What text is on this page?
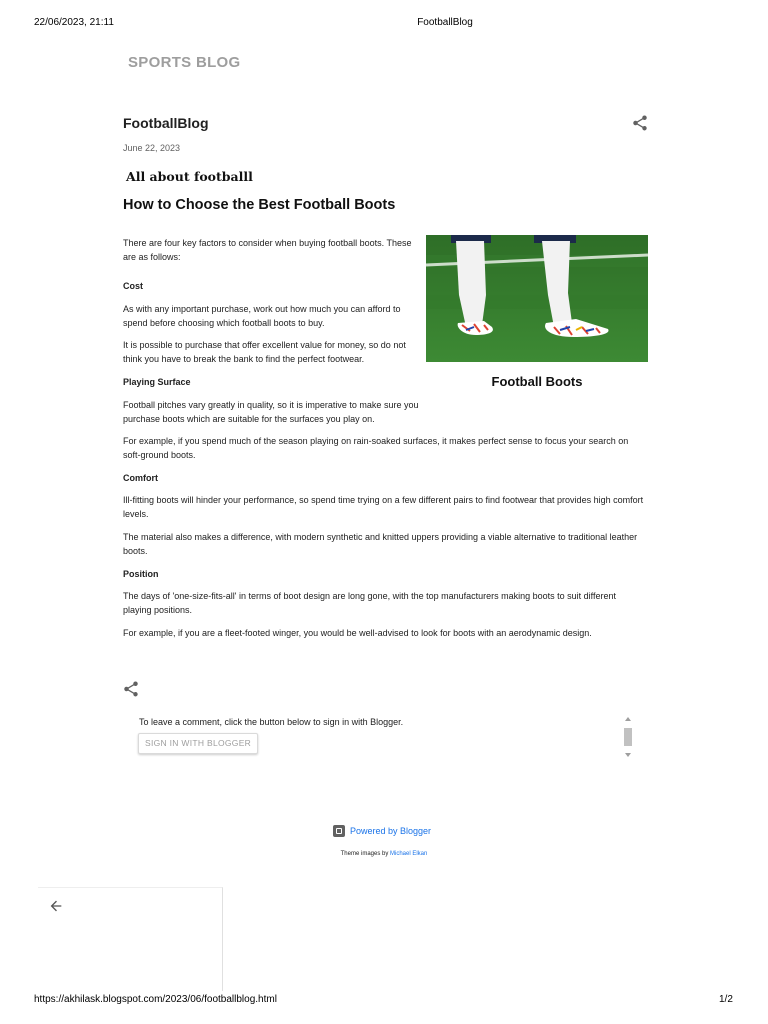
22/06/2023, 21:11	FootballBlog
SPORTS BLOG
FootballBlog
June 22, 2023
All about footballl
How to Choose the Best Football Boots

There are four key factors to consider when buying football boots. These are as follows:

Cost

As with any important purchase, work out how much you can afford to spend before choosing which football boots to buy.

It is possible to purchase that offer excellent value for money, so do not think you have to break the bank to find the perfect footwear.

Playing Surface

Football pitches vary greatly in quality, so it is imperative to make sure you purchase boots which are suitable for the surfaces you play on.

For example, if you spend much of the season playing on rain-soaked surfaces, it makes perfect sense to focus your search on soft-ground boots.

Comfort

Ill-fitting boots will hinder your performance, so spend time trying on a few different pairs to find footwear that provides high comfort levels.

The material also makes a difference, with modern synthetic and knitted uppers providing a viable alternative to traditional leather boots.

Position

The days of 'one-size-fits-all' in terms of boot design are long gone, with the top manufacturers making boots to suit different playing positions.

For example, if you are a fleet-footed winger, you would be well-advised to look for boots with an aerodynamic design.

Football Boots
To leave a comment, click the button below to sign in with Blogger.
SIGN IN WITH BLOGGER
Powered by Blogger
Theme images by Michael Elkan
https://akhilask.blogspot.com/2023/06/footballblog.html	1/2
